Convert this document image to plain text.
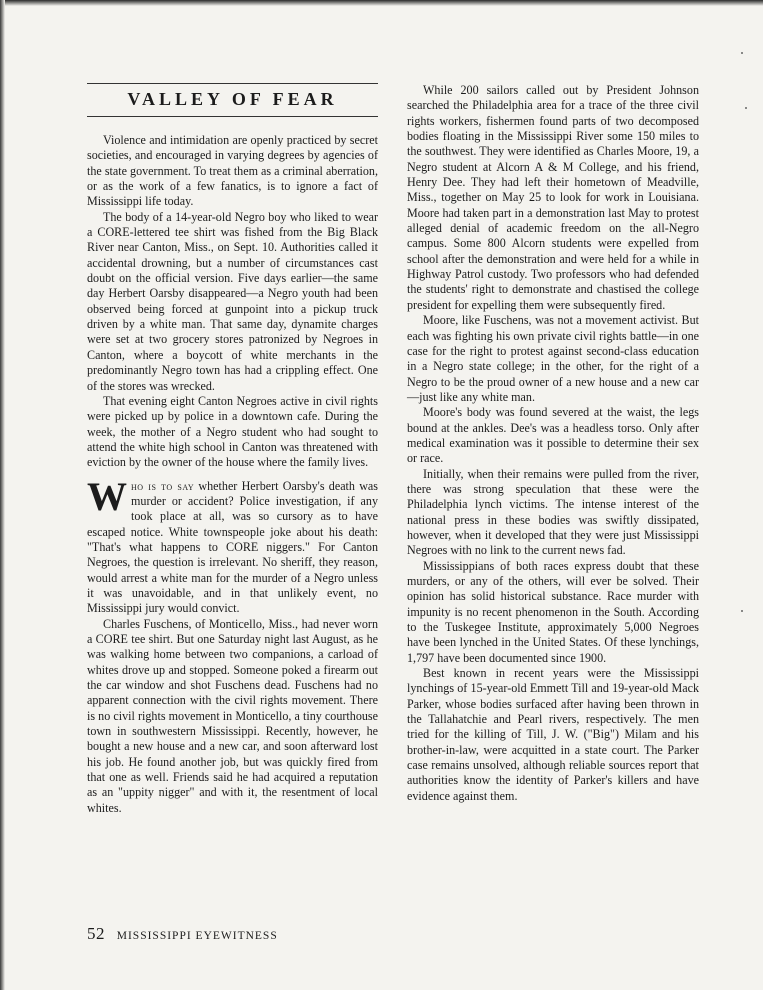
VALLEY OF FEAR

Violence and intimidation are openly practiced by secret societies, and encouraged in varying degrees by agencies of the state government. To treat them as a criminal aberration, or as the work of a few fanatics, is to ignore a fact of Mississippi life today.

The body of a 14-year-old Negro boy who liked to wear a CORE-lettered tee shirt was fished from the Big Black River near Canton, Miss., on Sept. 10. Authorities called it accidental drowning, but a number of circumstances cast doubt on the official version. Five days earlier—the same day Herbert Oarsby disappeared—a Negro youth had been observed being forced at gunpoint into a pickup truck driven by a white man. That same day, dynamite charges were set at two grocery stores patronized by Negroes in Canton, where a boycott of white merchants in the predominantly Negro town has had a crippling effect. One of the stores was wrecked.

That evening eight Canton Negroes active in civil rights were picked up by police in a downtown cafe. During the week, the mother of a Negro student who had sought to attend the white high school in Canton was threatened with eviction by the owner of the house where the family lives.

Who is to say whether Herbert Oarsby's death was murder or accident? Police investigation, if any took place at all, was so cursory as to have escaped notice. White townspeople joke about his death: "That's what happens to CORE niggers." For Canton Negroes, the question is irrelevant. No sheriff, they reason, would arrest a white man for the murder of a Negro unless it was unavoidable, and in that unlikely event, no Mississippi jury would convict.

Charles Fuschens, of Monticello, Miss., had never worn a CORE tee shirt. But one Saturday night last August, as he was walking home between two companions, a carload of whites drove up and stopped. Someone poked a firearm out the car window and shot Fuschens dead. Fuschens had no apparent connection with the civil rights movement. There is no civil rights movement in Monticello, a tiny courthouse town in southwestern Mississippi. Recently, however, he bought a new house and a new car, and soon afterward lost his job. He found another job, but was quickly fired from that one as well. Friends said he had acquired a reputation as an "uppity nigger" and with it, the resentment of local whites.

While 200 sailors called out by President Johnson searched the Philadelphia area for a trace of the three civil rights workers, fishermen found parts of two decomposed bodies floating in the Mississippi River some 150 miles to the southwest. They were identified as Charles Moore, 19, a Negro student at Alcorn A & M College, and his friend, Henry Dee. They had left their hometown of Meadville, Miss., together on May 25 to look for work in Louisiana. Moore had taken part in a demonstration last May to protest alleged denial of academic freedom on the all-Negro campus. Some 800 Alcorn students were expelled from school after the demonstration and were held for a while in Highway Patrol custody. Two professors who had defended the students' right to demonstrate and chastised the college president for expelling them were subsequently fired.

Moore, like Fuschens, was not a movement activist. But each was fighting his own private civil rights battle—in one case for the right to protest against second-class education in a Negro state college; in the other, for the right of a Negro to be the proud owner of a new house and a new car—just like any white man.

Moore's body was found severed at the waist, the legs bound at the ankles. Dee's was a headless torso. Only after medical examination was it possible to determine their sex or race.

Initially, when their remains were pulled from the river, there was strong speculation that these were the Philadelphia lynch victims. The intense interest of the national press in these bodies was swiftly dissipated, however, when it developed that they were just Mississippi Negroes with no link to the current news fad.

Mississippians of both races express doubt that these murders, or any of the others, will ever be solved. Their opinion has solid historical substance. Race murder with impunity is no recent phenomenon in the South. According to the Tuskegee Institute, approximately 5,000 Negroes have been lynched in the United States. Of these lynchings, 1,797 have been documented since 1900.

Best known in recent years were the Mississippi lynchings of 15-year-old Emmett Till and 19-year-old Mack Parker, whose bodies surfaced after having been thrown in the Tallahatchie and Pearl rivers, respectively. The men tried for the killing of Till, J. W. ("Big") Milam and his brother-in-law, were acquitted in a state court. The Parker case remains unsolved, although reliable sources report that authorities know the identity of Parker's killers and have evidence against them.

52 MISSISSIPPI EYEWITNESS
